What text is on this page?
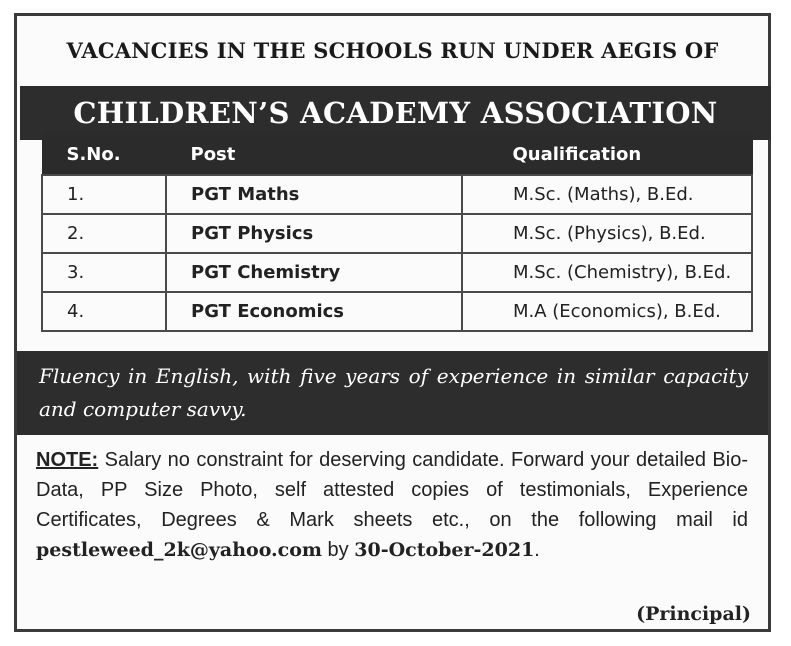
VACANCIES IN THE SCHOOLS RUN UNDER AEGIS OF
CHILDREN’S ACADEMY ASSOCIATION
S.No.	Post	Qualification
1.	PGT Maths	M.Sc. (Maths), B.Ed.
2.	PGT Physics	M.Sc. (Physics), B.Ed.
3.	PGT Chemistry	M.Sc. (Chemistry), B.Ed.
4.	PGT Economics	M.A (Economics), B.Ed.
Fluency in English, with five years of experience in similar capacity and computer savvy.
NOTE: Salary no constraint for deserving candidate. Forward your detailed Bio-Data, PP Size Photo, self attested copies of testimonials, Experience Certificates, Degrees & Mark sheets etc., on the following mail id pestleweed_2k@yahoo.com by 30-October-2021.
(Principal)
